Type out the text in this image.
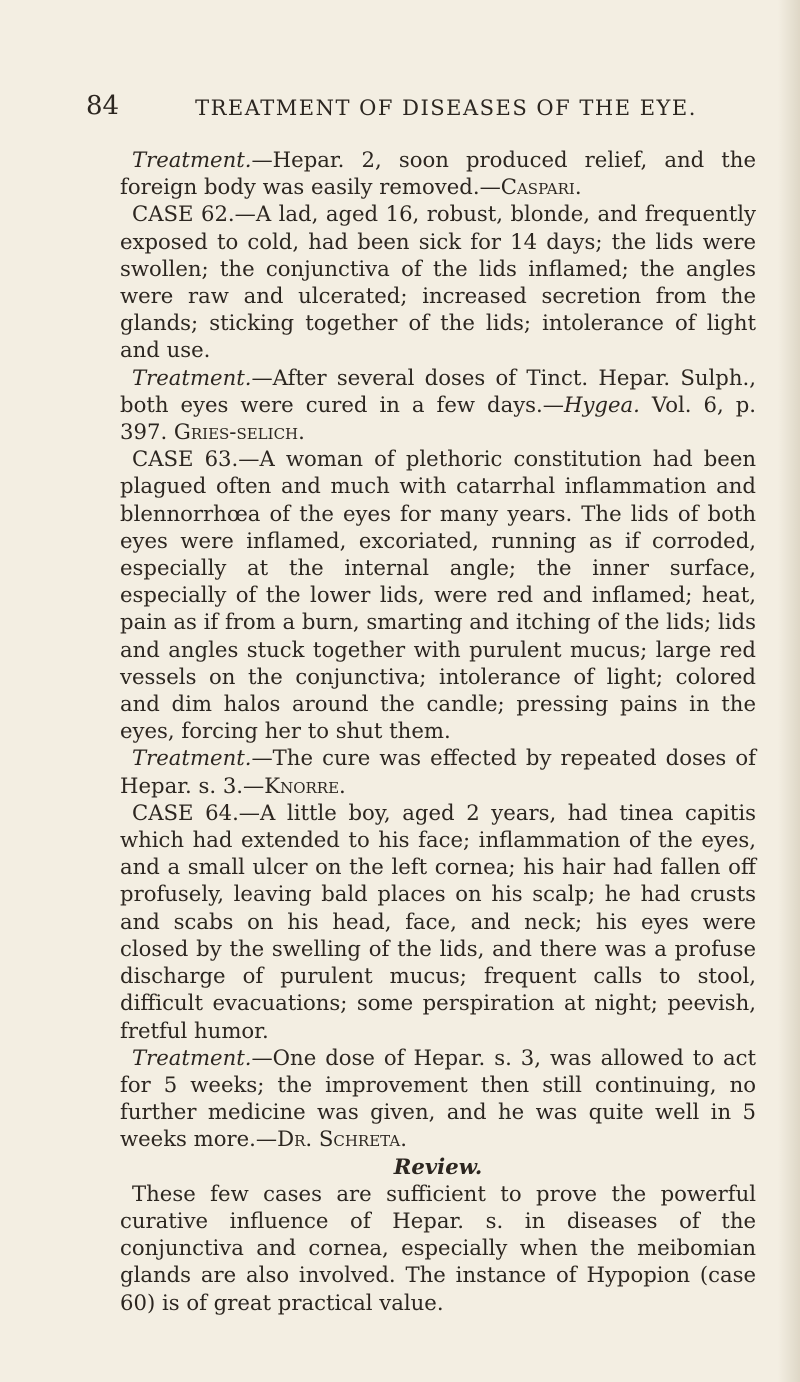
84	TREATMENT OF DISEASES OF THE EYE.

Treatment.—Hepar. 2, soon produced relief, and the foreign body was easily removed.—Caspari.

CASE 62.—A lad, aged 16, robust, blonde, and frequently exposed to cold, had been sick for 14 days; the lids were swollen; the conjunctiva of the lids inflamed; the angles were raw and ulcerated; increased secretion from the glands; sticking together of the lids; intolerance of light and use.

Treatment.—After several doses of Tinct. Hepar. Sulph., both eyes were cured in a few days.—Hygea. Vol. 6, p. 397. Gries-selich.

CASE 63.—A woman of plethoric constitution had been plagued often and much with catarrhal inflammation and blennorrhœa of the eyes for many years. The lids of both eyes were inflamed, excoriated, running as if corroded, especially at the internal angle; the inner surface, especially of the lower lids, were red and inflamed; heat, pain as if from a burn, smarting and itching of the lids; lids and angles stuck together with purulent mucus; large red vessels on the conjunctiva; intolerance of light; colored and dim halos around the candle; pressing pains in the eyes, forcing her to shut them.

Treatment.—The cure was effected by repeated doses of Hepar. s. 3.—Knorre.

CASE 64.—A little boy, aged 2 years, had tinea capitis which had extended to his face; inflammation of the eyes, and a small ulcer on the left cornea; his hair had fallen off profusely, leaving bald places on his scalp; he had crusts and scabs on his head, face, and neck; his eyes were closed by the swelling of the lids, and there was a profuse discharge of purulent mucus; frequent calls to stool, difficult evacuations; some perspiration at night; peevish, fretful humor.

Treatment.—One dose of Hepar. s. 3, was allowed to act for 5 weeks; the improvement then still continuing, no further medicine was given, and he was quite well in 5 weeks more.—Dr. Schreta.

Review.

These few cases are sufficient to prove the powerful curative influence of Hepar. s. in diseases of the conjunctiva and cornea, especially when the meibomian glands are also involved. The instance of Hypopion (case 60) is of great practical value.
